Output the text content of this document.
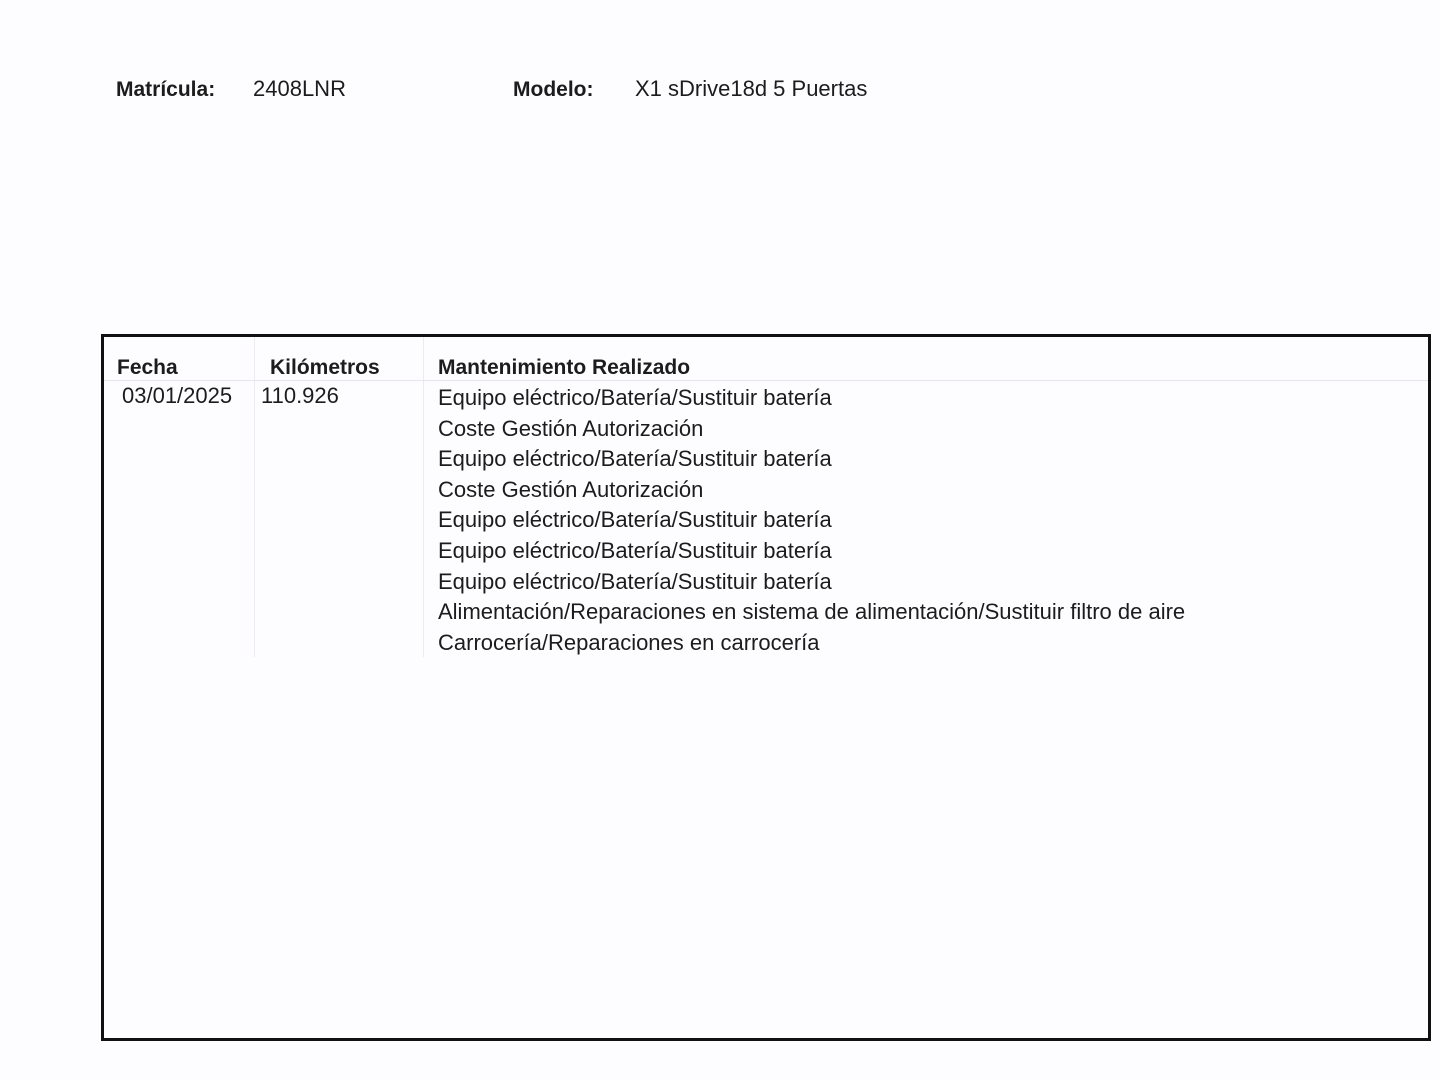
Matrícula: 2408LNR	Modelo: X1 sDrive18d 5 Puertas
Fecha	Kilómetros	Mantenimiento Realizado
03/01/2025 110.926	Equipo eléctrico/Batería/Sustituir batería
Coste Gestión Autorización
Equipo eléctrico/Batería/Sustituir batería
Coste Gestión Autorización
Equipo eléctrico/Batería/Sustituir batería
Equipo eléctrico/Batería/Sustituir batería
Equipo eléctrico/Batería/Sustituir batería
Alimentación/Reparaciones en sistema de alimentación/Sustituir filtro de aire
Carrocería/Reparaciones en carrocería
